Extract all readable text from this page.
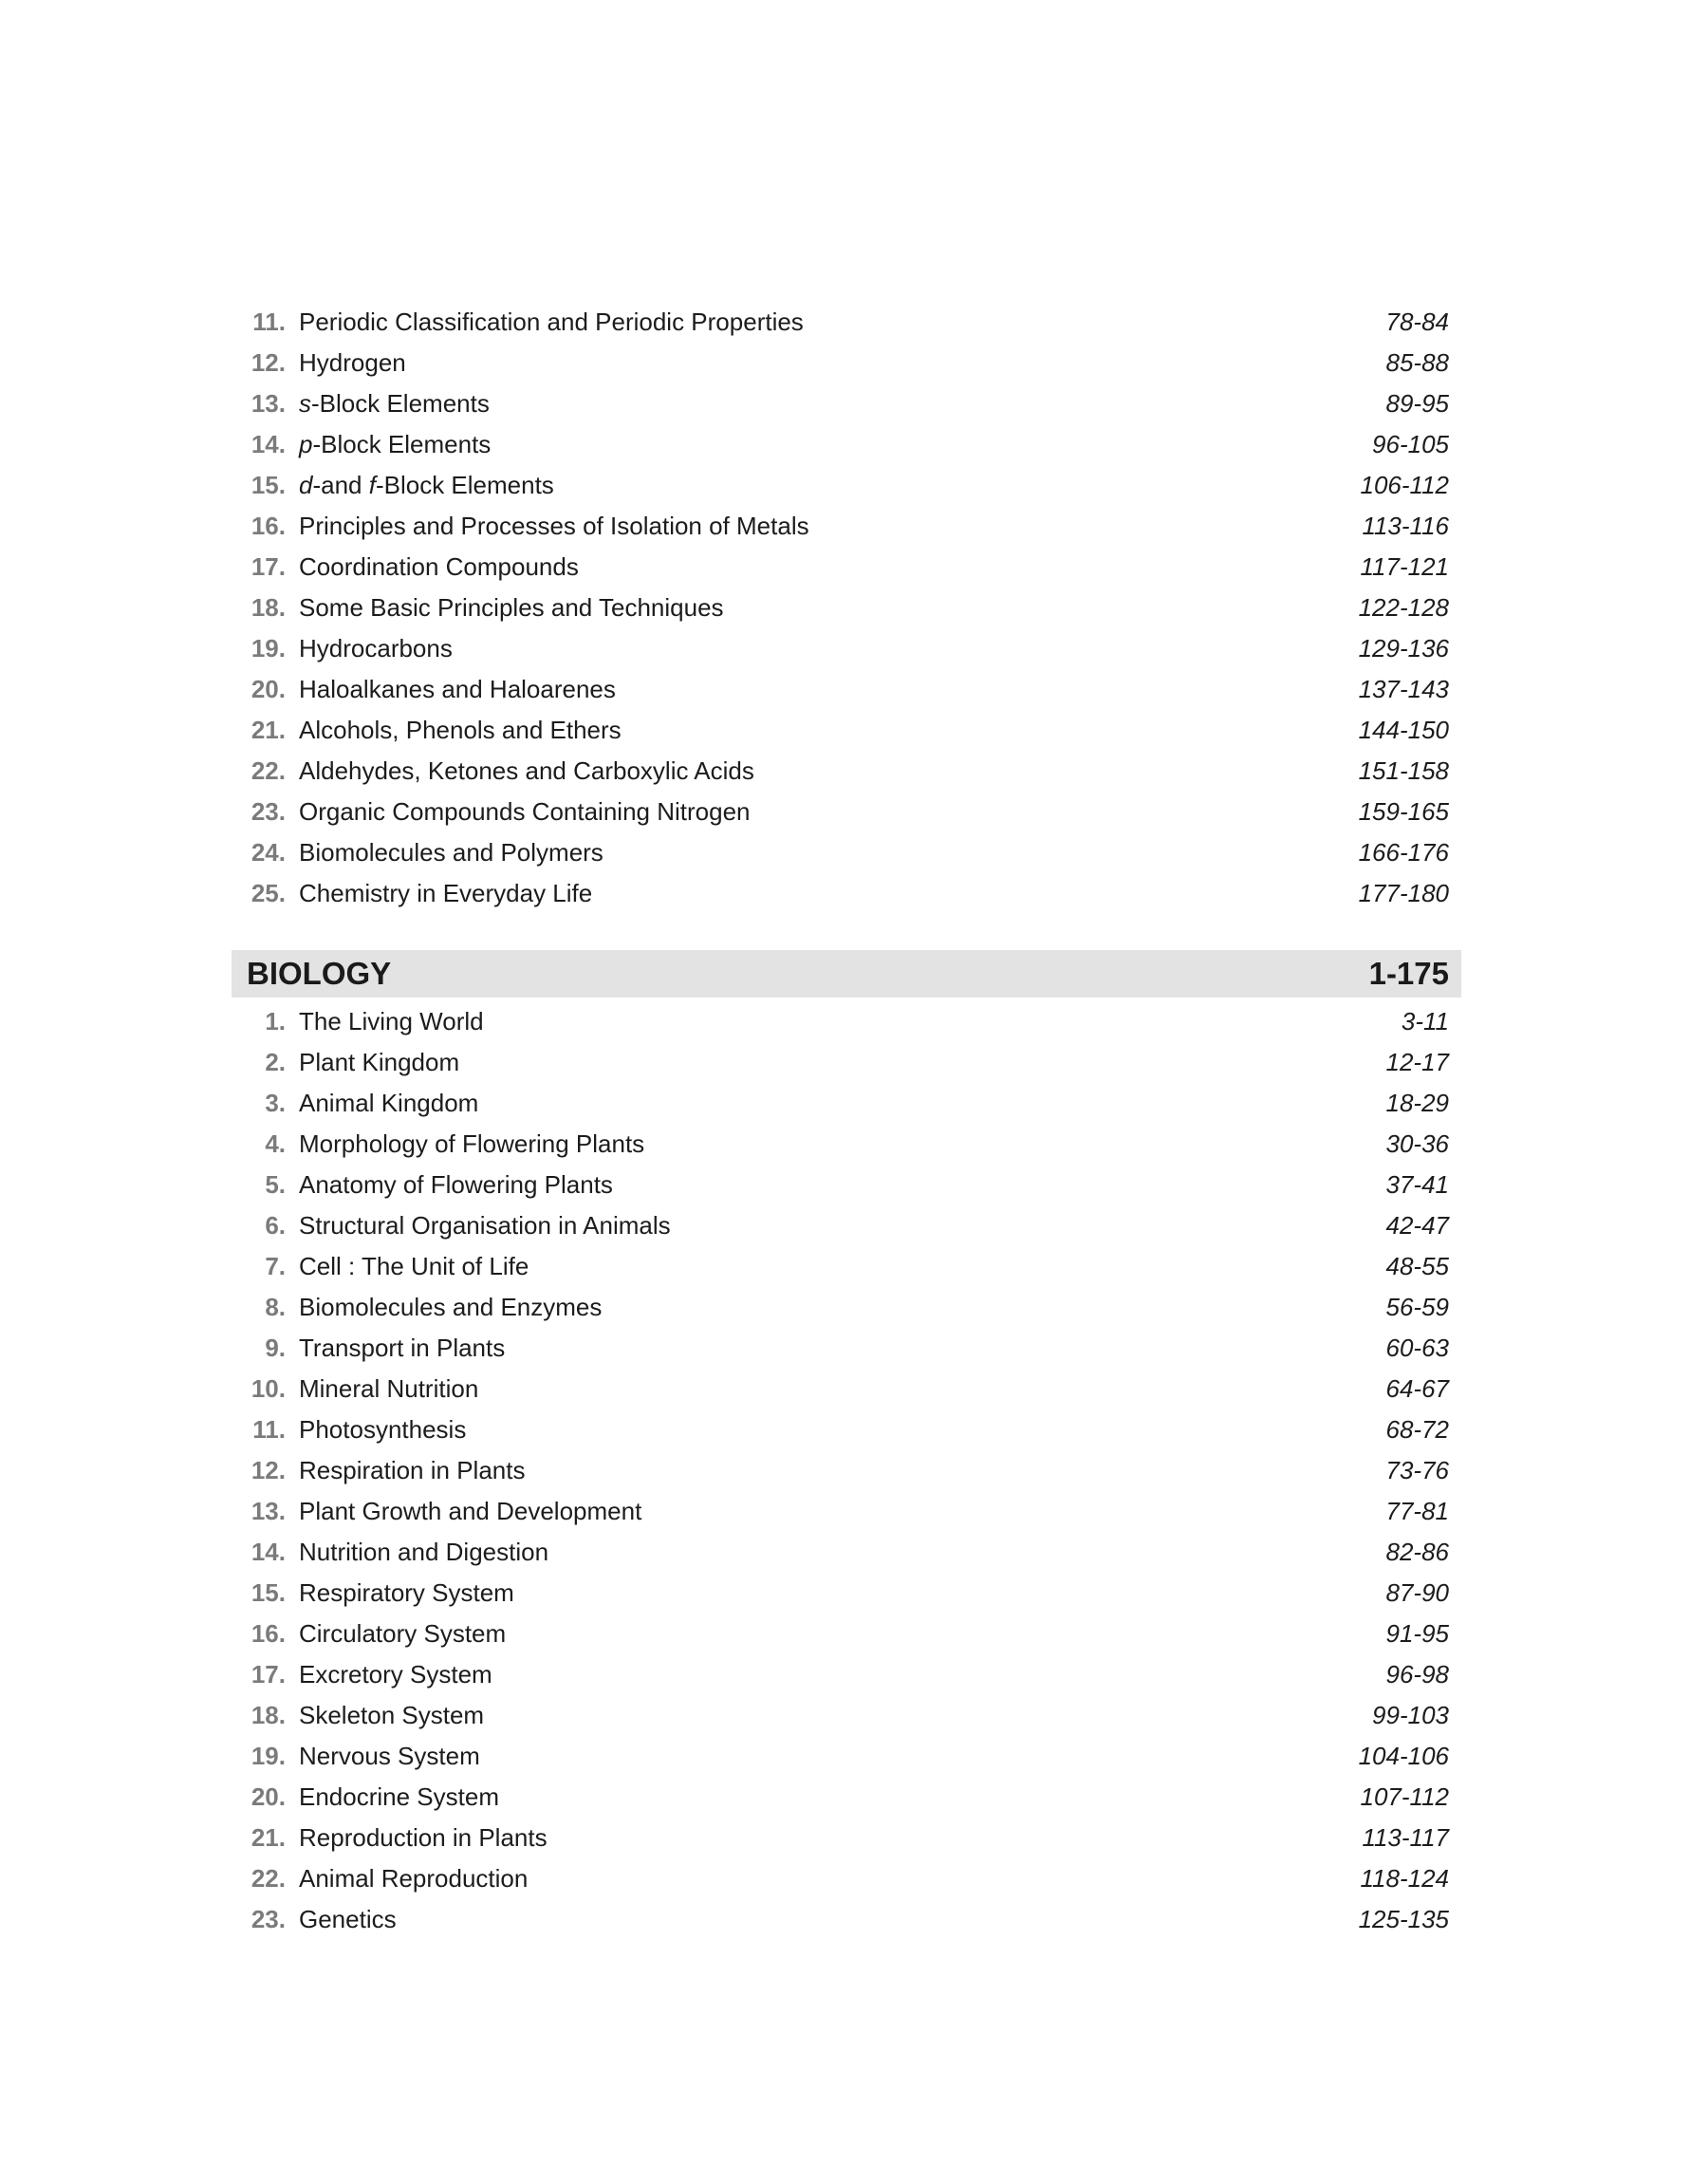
11. Periodic Classification and Periodic Properties	78-84
12. Hydrogen	85-88
13. s-Block Elements	89-95
14. p-Block Elements	96-105
15. d-and f-Block Elements	106-112
16. Principles and Processes of Isolation of Metals	113-116
17. Coordination Compounds	117-121
18. Some Basic Principles and Techniques	122-128
19. Hydrocarbons	129-136
20. Haloalkanes and Haloarenes	137-143
21. Alcohols, Phenols and Ethers	144-150
22. Aldehydes, Ketones and Carboxylic Acids	151-158
23. Organic Compounds Containing Nitrogen	159-165
24. Biomolecules and Polymers	166-176
25. Chemistry in Everyday Life	177-180
BIOLOGY	1-175
1. The Living World	3-11
2. Plant Kingdom	12-17
3. Animal Kingdom	18-29
4. Morphology of Flowering Plants	30-36
5. Anatomy of Flowering Plants	37-41
6. Structural Organisation in Animals	42-47
7. Cell : The Unit of Life	48-55
8. Biomolecules and Enzymes	56-59
9. Transport in Plants	60-63
10. Mineral Nutrition	64-67
11. Photosynthesis	68-72
12. Respiration in Plants	73-76
13. Plant Growth and Development	77-81
14. Nutrition and Digestion	82-86
15. Respiratory System	87-90
16. Circulatory System	91-95
17. Excretory System	96-98
18. Skeleton System	99-103
19. Nervous System	104-106
20. Endocrine System	107-112
21. Reproduction in Plants	113-117
22. Animal Reproduction	118-124
23. Genetics	125-135
